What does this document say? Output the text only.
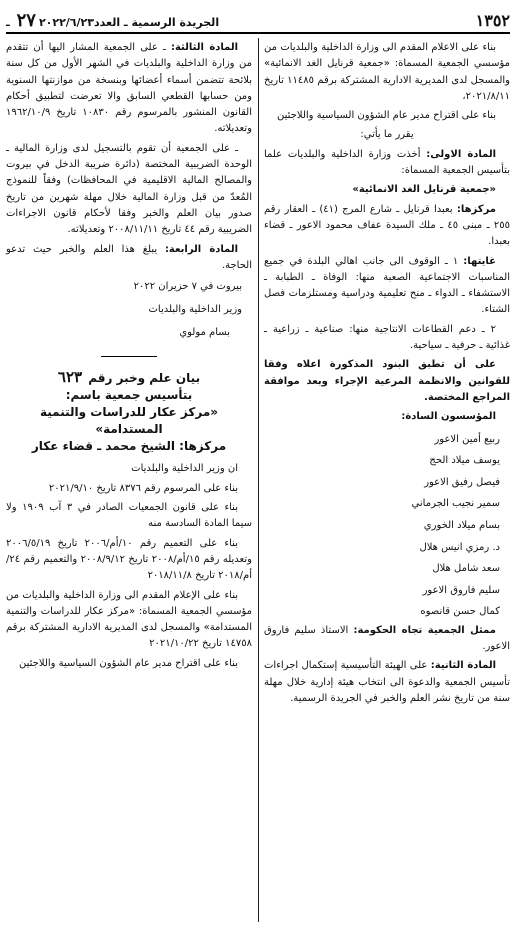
١٣٥٢
الجريدة الرسمية ـ العدد٢٧٢٠٢٢/٦/٢٣ ـ

بناء على الاعلام المقدم الى وزارة الداخلية والبلديات من مؤسسي الجمعية المسماة: «جمعية قرنايل الغد الانمائية» والمسجل لدى المديرية الادارية المشتركة برقم ١١٤٨٥ تاريخ ٢٠٢١/٨/١١،

بناء على اقتراح مدير عام الشؤون السياسية واللاجئين

يقرر ما يأتي:

المادة الاولى: أخذت وزارة الداخلية والبلديات علما بتأسيس الجمعية المسماة:

«جمعية قرنايل الغد الانمائية»

مركزها: بعبدا قرنايل ـ شارع المرج (٤١) ـ العقار رقم ٢٥٥ ـ مبنى ٤٥ ـ ملك السيدة عفاف محمود الاعور ـ قضاء بعبدا.

غايتها: ١ ـ الوقوف الى جانب اهالي البلدة في جميع المناسبات الاجتماعية الصعبة منها: الوفاة ـ الطبابة ـ الاستشفاء ـ الدواء ـ منح تعليمية ودراسية ومستلزمات فصل الشتاء.

٢ ـ دعم القطاعات الانتاجية منها: صناعية ـ زراعية ـ غذائية ـ حرفية ـ سياحية.

على أن تطبق البنود المذكورة اعلاه وفقا للقوانين والانظمة المرعية الإجراء وبعد موافقة المراجع المختصة.

المؤسسون السادة:

ربيع أمين الاعور
يوسف ميلاد الحج
فيصل رفيق الاعور
سمير نجيب الجرماني
بسام ميلاد الخوري
د. رمزي انيس هلال
سعد شامل هلال
سليم فاروق الاعور
كمال حسن قانصوه

ممثل الجمعية تجاه الحكومة: الاستاذ سليم فاروق الاعور.

المادة الثانية: على الهيئة التأسيسية إستكمال اجراءات تأسيس الجمعية والدعوة الى انتخاب هيئة إدارية خلال مهلة سنة من تاريخ نشر العلم والخبر في الجريدة الرسمية.

المادة الثالثة: ـ على الجمعية المشار اليها أن تتقدم من وزارة الداخلية والبلديات في الشهر الأول من كل سنة بلائحة تتضمن أسماء أعضائها وبنسخة من موازنتها السنوية ومن حسابها القطعي السابق والا تعرضت لتطبيق أحكام القانون المنشور بالمرسوم رقم ١٠٨٣٠ تاريخ ١٩٦٢/١٠/٩ وتعديلاته.

ـ على الجمعية أن تقوم بالتسجيل لدى وزارة المالية ـ الوحدة الضريبية المختصة (دائرة ضريبة الدخل في بيروت والمصالح المالية الاقليمية في المحافظات) وفقاً للنموذج المُعدّ من قبل وزارة المالية خلال مهلة شهرين من تاريخ صدور بيان العلم والخبر وفقا لأحكام قانون الاجراءات الضريبية رقم ٤٤ تاريخ ٢٠٠٨/١١/١١ وتعديلاته.

المادة الرابعة: يبلغ هذا العلم والخبر حيث تدعو الحاجة.

بيروت في ٧ حزيران ٢٠٢٢

وزير الداخلية والبلديات

بسام مولوي

بيان علم وخبر رقم ٦٢٣

بتأسيس جمعية باسم:

«مركز عكار للدراسات والتنمية المستدامة»

مركزها: الشيخ محمد ـ قضاء عكار

ان وزير الداخلية والبلديات

بناء على المرسوم رقم ٨٣٧٦ تاريخ ٢٠٢١/٩/١٠

بناء على قانون الجمعيات الصادر في ٣ آب ١٩٠٩ ولا سيما المادة السادسة منه

بناء على التعميم رقم ١٠/أم/٢٠٠٦ تاريخ ٢٠٠٦/٥/١٩ وتعديله رقم ١٥/أم/٢٠٠٨ تاريخ ٢٠٠٨/٩/١٢ والتعميم رقم ٢٤/أم/٢٠١٨ تاريخ ٢٠١٨/١١/٨

بناء على الإعلام المقدم الى وزارة الداخلية والبلديات من مؤسسي الجمعية المسماة: «مركز عكار للدراسات والتنمية المستدامة» والمسجل لدى المديرية الادارية المشتركة برقم ١٤٧٥٨ تاريخ ٢٠٢١/١٠/٢٢

بناء على اقتراح مدير عام الشؤون السياسية واللاجئين
